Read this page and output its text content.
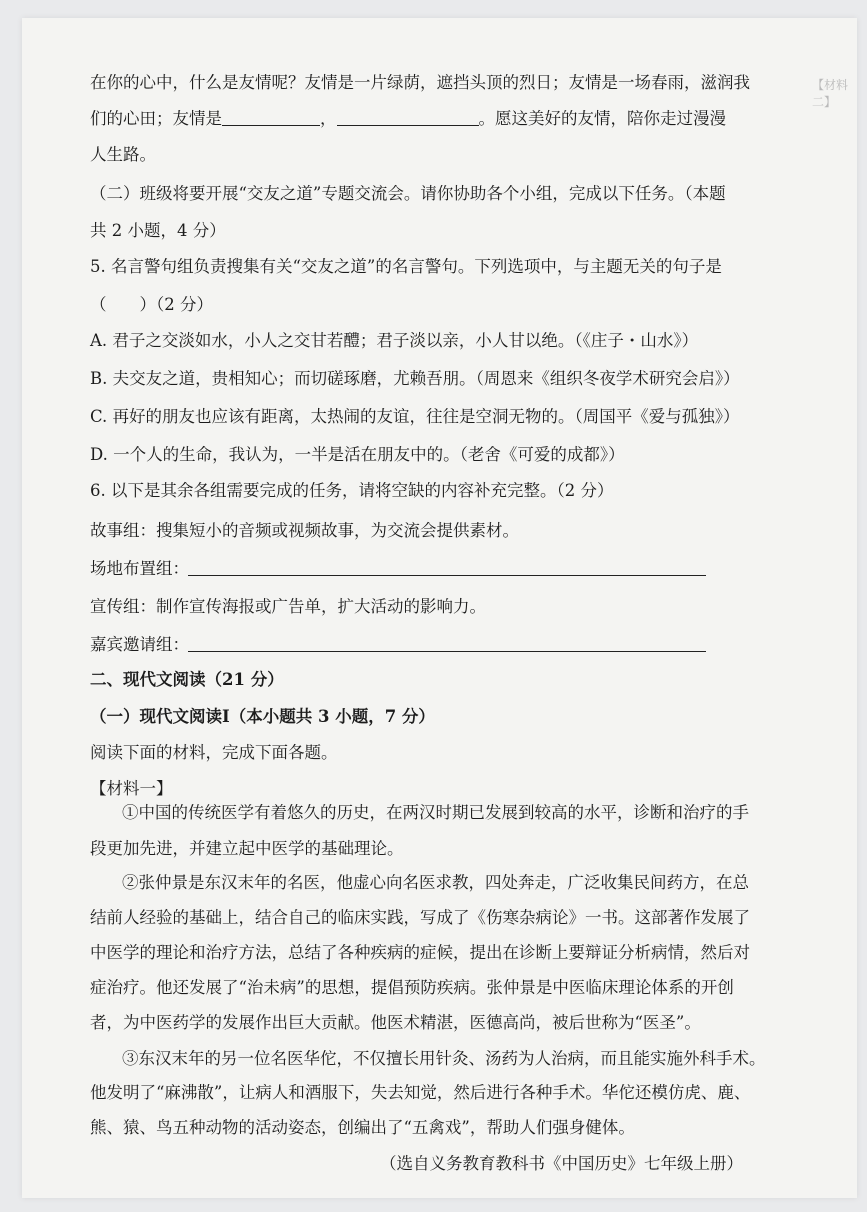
【材料二】
在你的心中，什么是友情呢？友情是一片绿荫，遮挡头顶的烈日；友情是一场春雨，滋润我
们的心田；友情是	，	。愿这美好的友情，陪你走过漫漫
人生路。
（二）班级将要开展“交友之道”专题交流会。请你协助各个小组，完成以下任务。（本题
共 2 小题，4 分）
5. 名言警句组负责搜集有关“交友之道”的名言警句。下列选项中，与主题无关的句子是
（　　）（2 分）
A. 君子之交淡如水，小人之交甘若醴；君子淡以亲，小人甘以绝。（《庄子・山水》）
B. 夫交友之道，贵相知心；而切磋琢磨，尤赖吾朋。（周恩来《组织冬夜学术研究会启》）
C. 再好的朋友也应该有距离，太热闹的友谊，往往是空洞无物的。（周国平《爱与孤独》）
D. 一个人的生命，我认为，一半是活在朋友中的。（老舍《可爱的成都》）
6. 以下是其余各组需要完成的任务，请将空缺的内容补充完整。（2 分）
故事组：搜集短小的音频或视频故事，为交流会提供素材。
场地布置组：
宣传组：制作宣传海报或广告单，扩大活动的影响力。
嘉宾邀请组：
二、现代文阅读（21 分）
（一）现代文阅读Ⅰ（本小题共 3 小题，7 分）
阅读下面的材料，完成下面各题。
【材料一】
①中国的传统医学有着悠久的历史，在两汉时期已发展到较高的水平，诊断和治疗的手
段更加先进，并建立起中医学的基础理论。
②张仲景是东汉末年的名医，他虚心向名医求教，四处奔走，广泛收集民间药方，在总
结前人经验的基础上，结合自己的临床实践，写成了《伤寒杂病论》一书。这部著作发展了
中医学的理论和治疗方法，总结了各种疾病的症候，提出在诊断上要辩证分析病情，然后对
症治疗。他还发展了“治未病”的思想，提倡预防疾病。张仲景是中医临床理论体系的开创
者，为中医药学的发展作出巨大贡献。他医术精湛，医德高尚，被后世称为“医圣”。
③东汉末年的另一位名医华佗，不仅擅长用针灸、汤药为人治病，而且能实施外科手术。
他发明了“麻沸散”，让病人和酒服下，失去知觉，然后进行各种手术。华佗还模仿虎、鹿、
熊、猿、鸟五种动物的活动姿态，创编出了“五禽戏”，帮助人们强身健体。
（选自义务教育教科书《中国历史》七年级上册）
